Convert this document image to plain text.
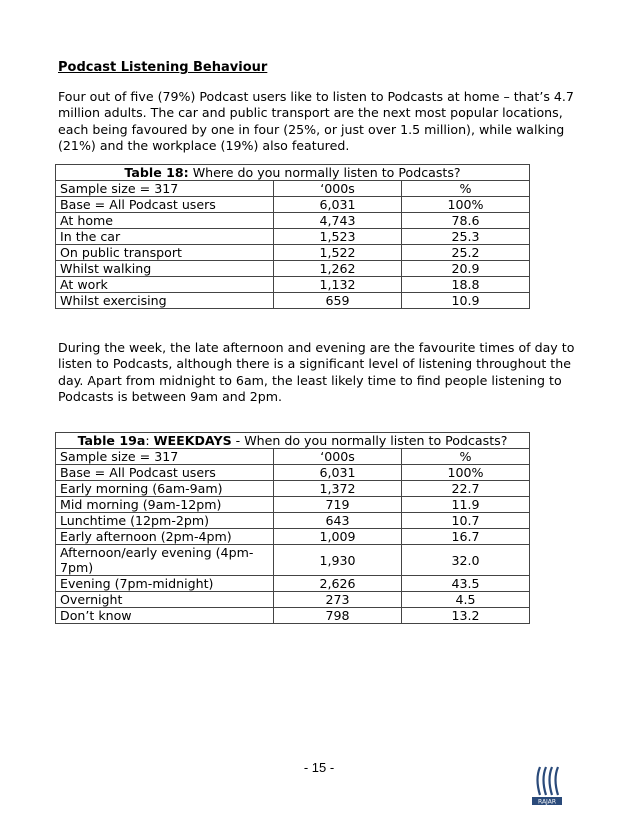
Podcast Listening Behaviour
Four out of five (79%) Podcast users like to listen to Podcasts at home – that’s 4.7 million adults. The car and public transport are the next most popular locations, each being favoured by one in four (25%, or just over 1.5 million), while walking (21%) and the workplace (19%) also featured.
Table 18: Where do you normally listen to Podcasts?		
Sample size = 317	‘000s	%
Base = All Podcast users	6,031	100%
At home	4,743	78.6
In the car	1,523	25.3
On public transport	1,522	25.2
Whilst walking	1,262	20.9
At work	1,132	18.8
Whilst exercising	659	10.9
During the week, the late afternoon and evening are the favourite times of day to listen to Podcasts, although there is a significant level of listening throughout the day. Apart from midnight to 6am, the least likely time to find people listening to Podcasts is between 9am and 2pm.
Table 19a: WEEKDAYS - When do you normally listen to Podcasts?		
Sample size = 317	‘000s	%
Base = All Podcast users	6,031	100%
Early morning (6am-9am)	1,372	22.7
Mid morning (9am-12pm)	719	11.9
Lunchtime (12pm-2pm)	643	10.7
Early afternoon (2pm-4pm)	1,009	16.7
Afternoon/early evening (4pm-7pm)	1,930	32.0
Evening (7pm-midnight)	2,626	43.5
Overnight	273	4.5
Don’t know	798	13.2
- 15 -
RAJAR
